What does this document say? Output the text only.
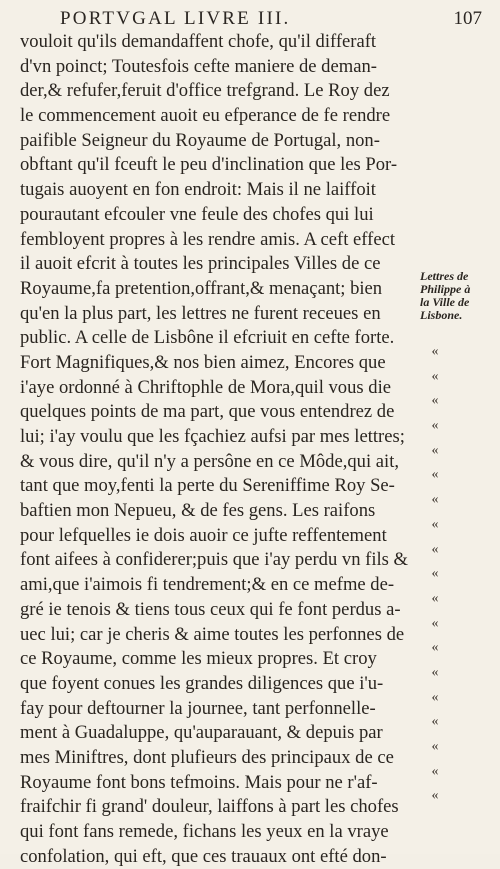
PORTVGAL LIVRE III.	107
vouloit qu'ils demandaffent chofe, qu'il differaft
d'vn poinct; Toutesfois cefte maniere de deman-
der,& refufer,feruit d'office trefgrand. Le Roy dez
le commencement auoit eu efperance de fe rendre
paifible Seigneur du Royaume de Portugal, non-
obftant qu'il fceuft le peu d'inclination que les Por-
tugais auoyent en fon endroit: Mais il ne laiffoit
pourautant efcouler vne feule des chofes qui lui
fembloyent propres à les rendre amis. A ceft effect
il auoit efcrit à toutes les principales Villes de ce
Royaume,fa pretention,offrant,& menaçant; bien
qu'en la plus part, les lettres ne furent receues en
public. A celle de Lisbône il efcriuit en cefte forte.
Fort Magnifiques,& nos bien aimez, Encores que
i'aye ordonné à Chriftophle de Mora,quil vous die
quelques points de ma part, que vous entendrez de
lui; i'ay voulu que les fçachiez aufsi par mes lettres;
& vous dire, qu'il n'y a persône en ce Môde,qui ait,
tant que moy,fenti la perte du Sereniffime Roy Se-
baftien mon Nepueu, & de fes gens. Les raifons
pour lefquelles ie dois auoir ce jufte reffentement
font aifees à confiderer;puis que i'ay perdu vn fils &
ami,que i'aimois fi tendrement;& en ce mefme de-
gré ie tenois & tiens tous ceux qui fe font perdus a-
uec lui; car je cheris & aime toutes les perfonnes de
ce Royaume, comme les mieux propres. Et croy
que foyent conues les grandes diligences que i'u-
fay pour deftourner la journee, tant perfonnelle-
ment à Guadaluppe, qu'auparauant, & depuis par
mes Miniftres, dont plufieurs des principaux de ce
Royaume font bons tefmoins. Mais pour ne r'af-
fraifchir fi grand' douleur, laiffons à part les chofes
qui font fans remede, fichans les yeux en la vraye
confolation, qui eft, que ces trauaux ont efté don-
Lettres de
Philippe à
la Ville de
Lisbone.
«
«
«
«
«
«
«
«
«
«
«
«
«
«
«
«
«
«
«
